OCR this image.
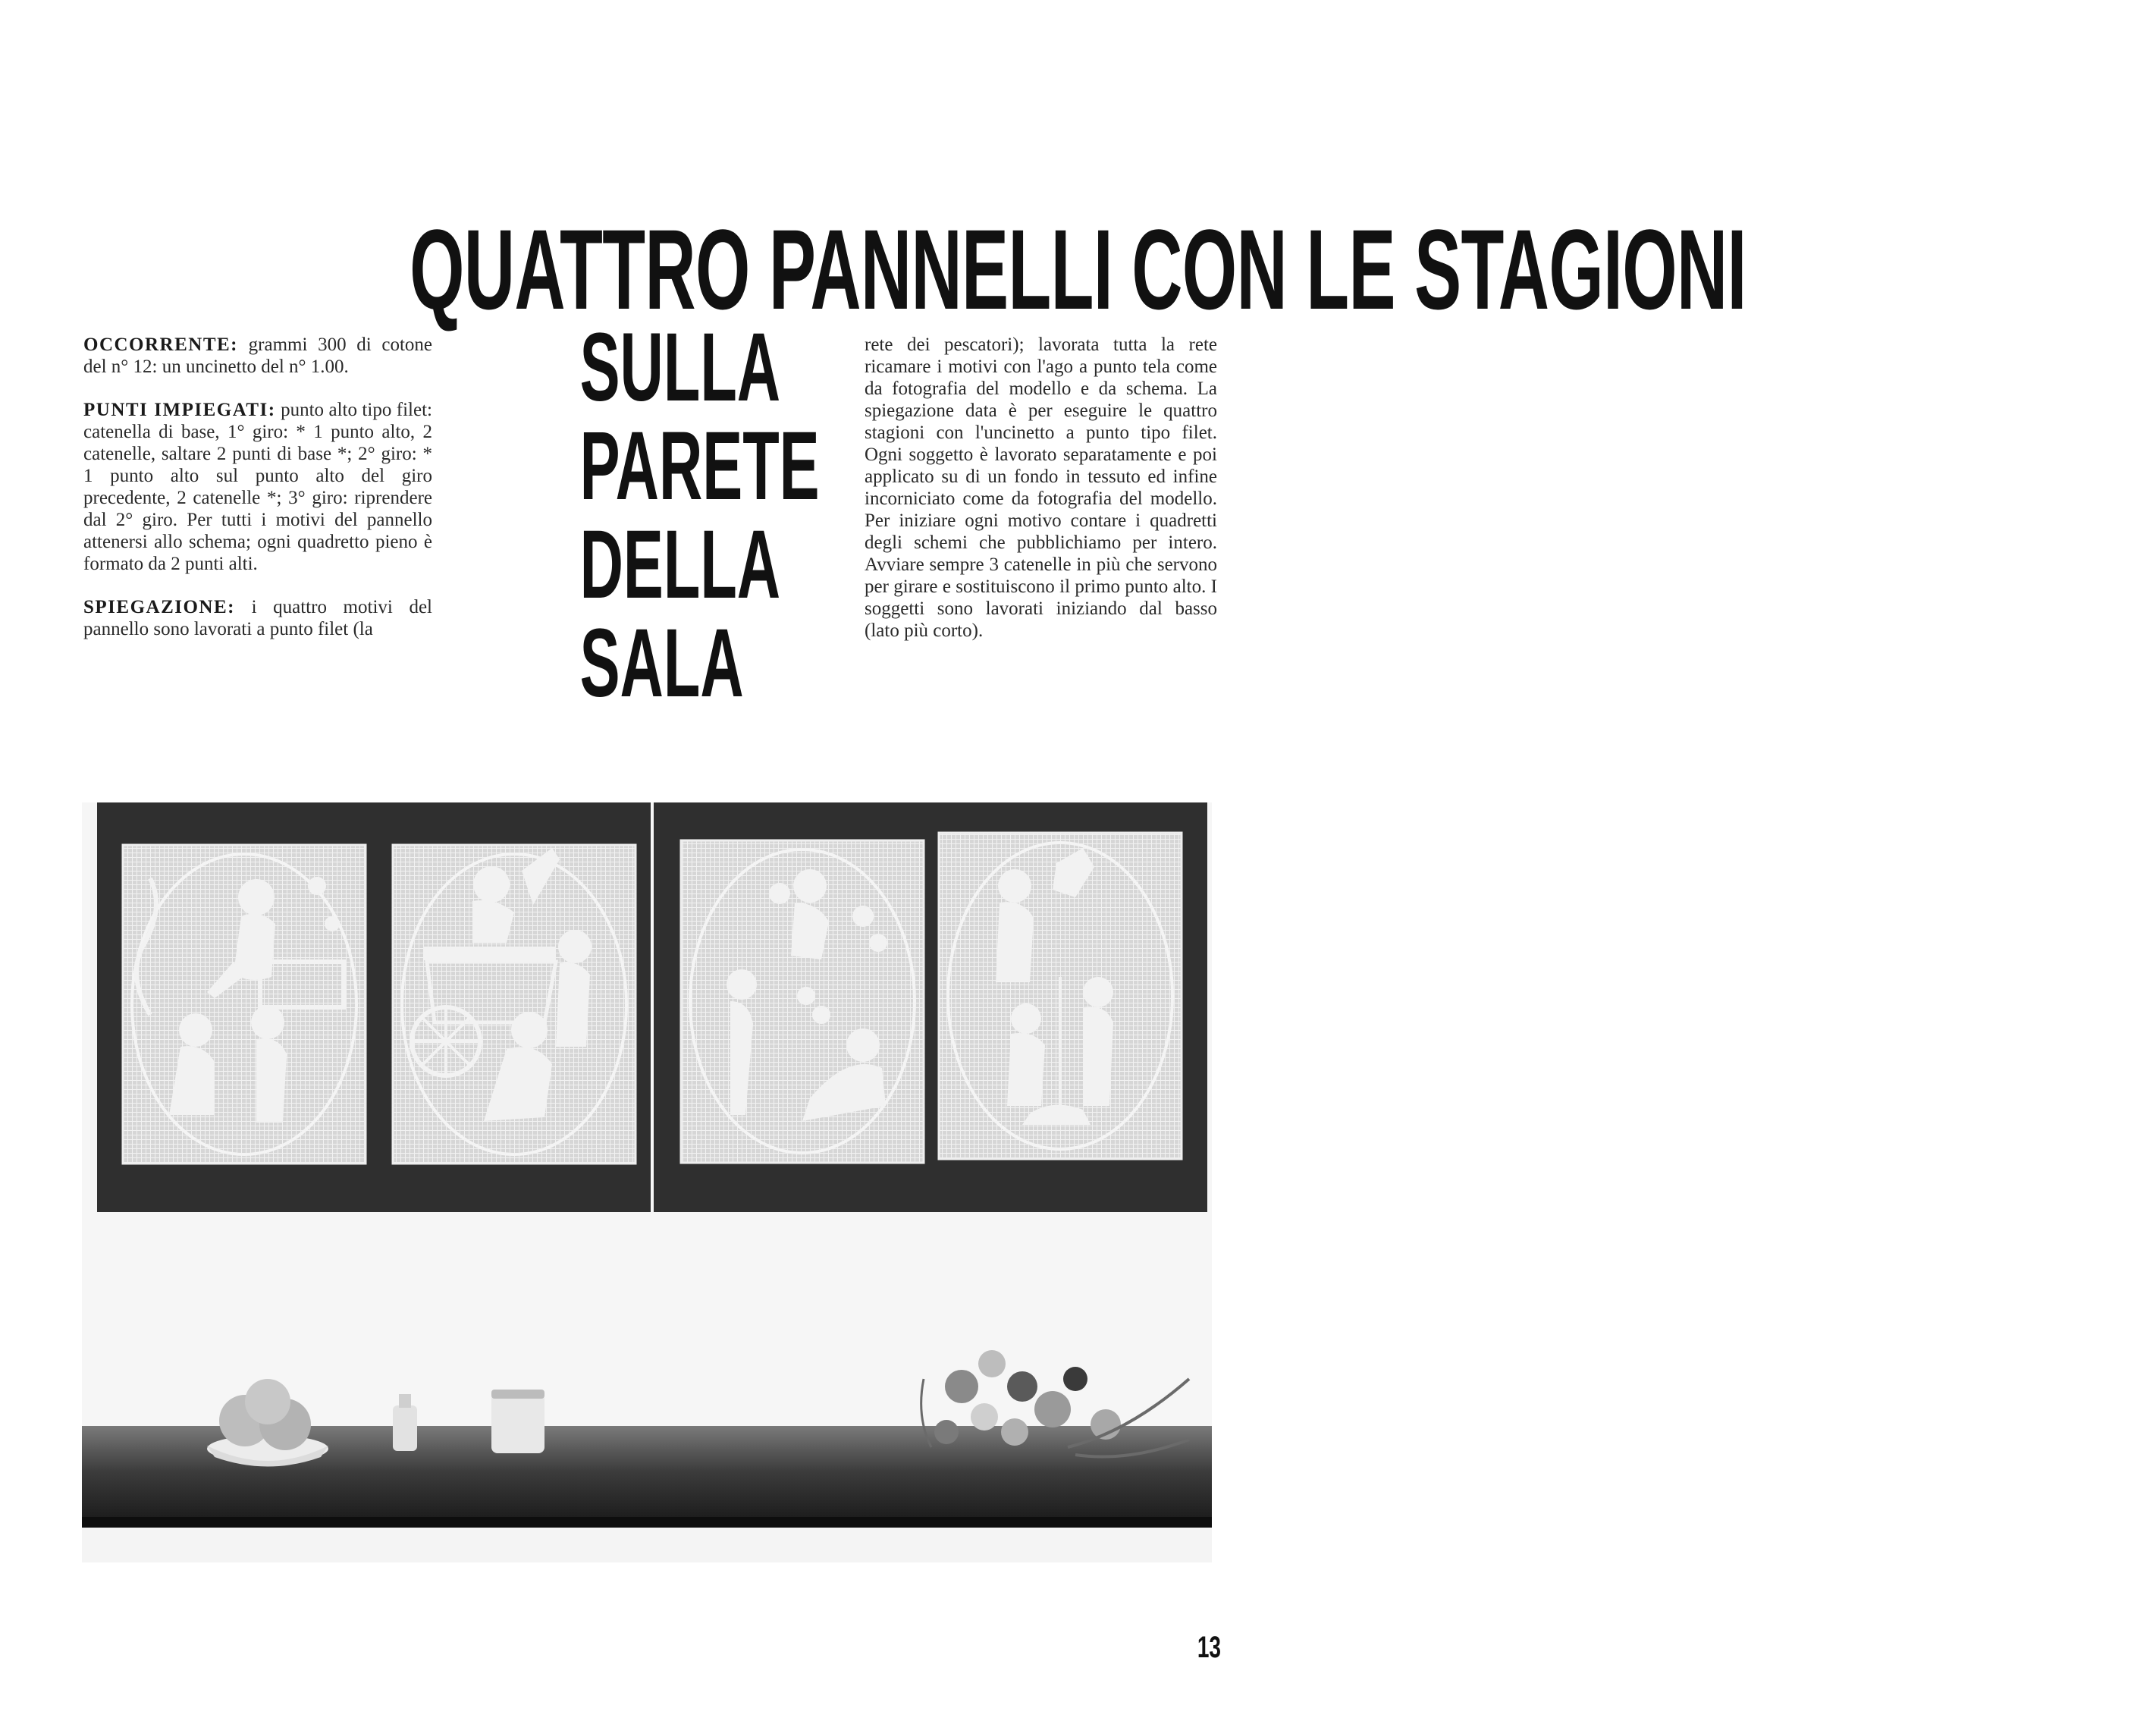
QUATTRO PANNELLI CON LE STAGIONI
SULLA
PARETE
DELLA
SALA

OCCORRENTE: grammi 300 di cotone del n° 12: un uncinetto del n° 1.00.

PUNTI IMPIEGATI: punto alto tipo filet: catenella di base, 1° giro: * 1 punto alto, 2 catenelle, saltare 2 punti di base *; 2° giro: * 1 punto alto sul punto alto del giro precedente, 2 catenelle *; 3° giro: riprendere dal 2° giro. Per tutti i motivi del pannello attenersi allo schema; ogni quadretto pieno è formato da 2 punti alti.

SPIEGAZIONE: i quattro motivi del pannello sono lavorati a punto filet (la

rete dei pescatori); lavorata tutta la rete ricamare i motivi con l'ago a punto tela come da fotografia del modello e da schema. La spiegazione data è per eseguire le quattro stagioni con l'uncinetto a punto tipo filet. Ogni soggetto è lavorato separatamente e poi applicato su di un fondo in tessuto ed infine incorniciato come da fotografia del modello. Per iniziare ogni motivo contare i quadretti degli schemi che pubblichiamo per intero. Avviare sempre 3 catenelle in più che servono per girare e sostituiscono il primo punto alto. I soggetti sono lavorati iniziando dal basso (lato più corto).

13
